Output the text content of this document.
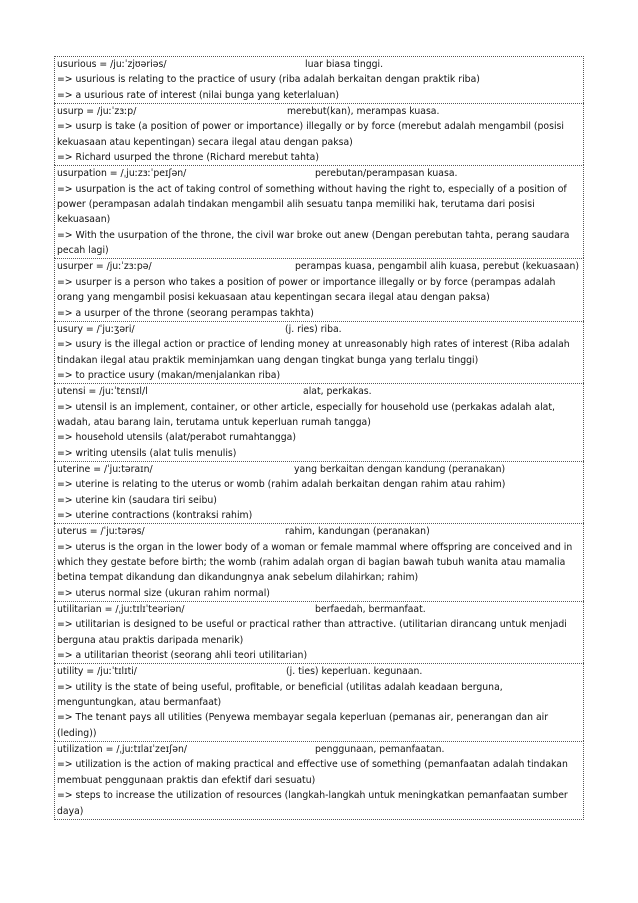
usurious = /juːˈzjʊəriəs/	luar biasa tinggi.
=> usurious is relating to the practice of usury (riba adalah berkaitan dengan praktik riba)
=> a usurious rate of interest (nilai bunga yang keterlaluan)
usurp = /juːˈzɜːp/	merebut(kan), merampas kuasa.
=> usurp is take (a position of power or importance) illegally or by force (merebut adalah mengambil (posisi kekuasaan atau kepentingan) secara ilegal atau dengan paksa)
=> Richard usurped the throne (Richard merebut tahta)
usurpation = /ˌjuːzɜːˈpeɪʃən/	perebutan/perampasan kuasa.
=> usurpation is the act of taking control of something without having the right to, especially of a position of power (perampasan adalah tindakan mengambil alih sesuatu tanpa memiliki hak, terutama dari posisi kekuasaan)
=> With the usurpation of the throne, the civil war broke out anew (Dengan perebutan tahta, perang saudara pecah lagi)
usurper = /juːˈzɜːpə/	perampas kuasa, pengambil alih kuasa, perebut (kekuasaan)
=> usurper is a person who takes a position of power or importance illegally or by force (perampas adalah orang yang mengambil posisi kekuasaan atau kepentingan secara ilegal atau dengan paksa)
=> a usurper of the throne (seorang perampas takhta)
usury = /ˈjuːʒəri/	(j. ries) riba.
=> usury is the illegal action or practice of lending money at unreasonably high rates of interest (Riba adalah tindakan ilegal atau praktik meminjamkan uang dengan tingkat bunga yang terlalu tinggi)
=> to practice usury (makan/menjalankan riba)
utensi = /juːˈtɛnsɪl/l	alat, perkakas.
=> utensil is an implement, container, or other article, especially for household use (perkakas adalah alat, wadah, atau barang lain, terutama untuk keperluan rumah tangga)
=> household utensils (alat/perabot rumahtangga)
=> writing utensils (alat tulis menulis)
uterine = /ˈjuːtəraɪn/	yang berkaitan dengan kandung (peranakan)
=> uterine is relating to the uterus or womb (rahim adalah berkaitan dengan rahim atau rahim)
=> uterine kin (saudara tiri seibu)
=> uterine contractions (kontraksi rahim)
uterus = /ˈjuːtərəs/	rahim, kandungan (peranakan)
=> uterus is the organ in the lower body of a woman or female mammal where offspring are conceived and in which they gestate before birth; the womb (rahim adalah organ di bagian bawah tubuh wanita atau mamalia betina tempat dikandung dan dikandungnya anak sebelum dilahirkan; rahim)
=> uterus normal size (ukuran rahim normal)
utilitarian = /ˌjuːtɪlɪˈteəriən/	berfaedah, bermanfaat.
=> utilitarian is designed to be useful or practical rather than attractive. (utilitarian dirancang untuk menjadi berguna atau praktis daripada menarik)
=> a utilitarian theorist (seorang ahli teori utilitarian)
utility = /juːˈtɪlɪti/	(j. ties) keperluan. kegunaan.
=> utility is the state of being useful, profitable, or beneficial (utilitas adalah keadaan berguna, menguntungkan, atau bermanfaat)
=> The tenant pays all utilities (Penyewa membayar segala keperluan (pemanas air, penerangan dan air (leding))
utilization = /ˌjuːtɪlaɪˈzeɪʃən/	penggunaan, pemanfaatan.
=> utilization is the action of making practical and effective use of something (pemanfaatan adalah tindakan membuat penggunaan praktis dan efektif dari sesuatu)
=> steps to increase the utilization of resources (langkah-langkah untuk meningkatkan pemanfaatan sumber daya)
